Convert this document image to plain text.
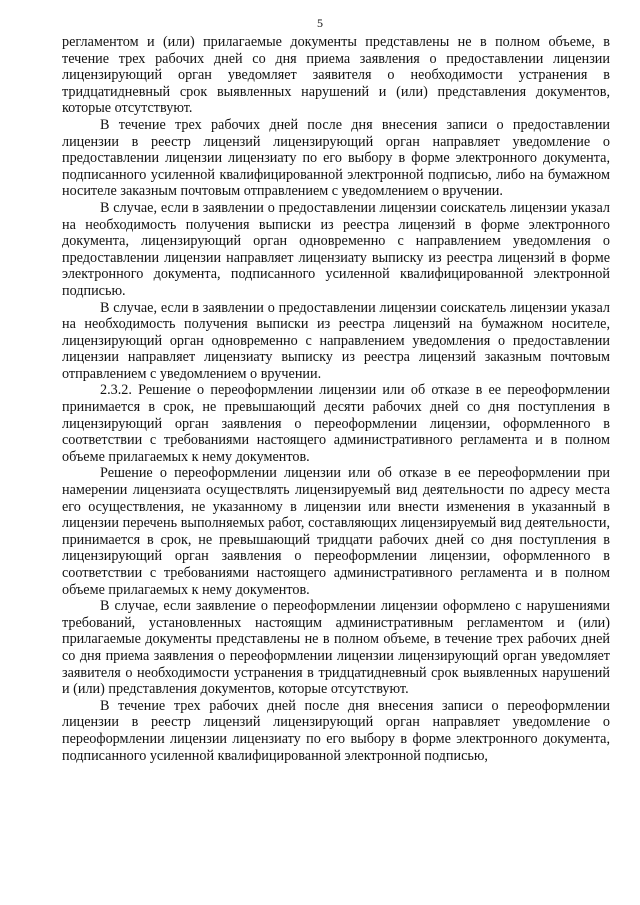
5

регламентом и (или) прилагаемые документы представлены не в полном объеме, в течение трех рабочих дней со дня приема заявления о предоставлении лицензии лицензирующий орган уведомляет заявителя о необходимости устранения в тридцатидневный срок выявленных нарушений и (или) представления документов, которые отсутствуют.

В течение трех рабочих дней после дня внесения записи о предоставлении лицензии в реестр лицензий лицензирующий орган направляет уведомление о предоставлении лицензии лицензиату по его выбору в форме электронного документа, подписанного усиленной квалифицированной электронной подписью, либо на бумажном носителе заказным почтовым отправлением с уведомлением о вручении.

В случае, если в заявлении о предоставлении лицензии соискатель лицензии указал на необходимость получения выписки из реестра лицензий в форме электронного документа, лицензирующий орган одновременно с направлением уведомления о предоставлении лицензии направляет лицензиату выписку из реестра лицензий в форме электронного документа, подписанного усиленной квалифицированной электронной подписью.

В случае, если в заявлении о предоставлении лицензии соискатель лицензии указал на необходимость получения выписки из реестра лицензий на бумажном носителе, лицензирующий орган одновременно с направлением уведомления о предоставлении лицензии направляет лицензиату выписку из реестра лицензий заказным почтовым отправлением с уведомлением о вручении.

2.3.2. Решение о переоформлении лицензии или об отказе в ее переоформлении принимается в срок, не превышающий десяти рабочих дней со дня поступления в лицензирующий орган заявления о переоформлении лицензии, оформленного в соответствии с требованиями настоящего административного регламента и в полном объеме прилагаемых к нему документов.

Решение о переоформлении лицензии или об отказе в ее переоформлении при намерении лицензиата осуществлять лицензируемый вид деятельности по адресу места его осуществления, не указанному в лицензии или внести изменения в указанный в лицензии перечень выполняемых работ, составляющих лицензируемый вид деятельности, принимается в срок, не превышающий тридцати рабочих дней со дня поступления в лицензирующий орган заявления о переоформлении лицензии, оформленного в соответствии с требованиями настоящего административного регламента и в полном объеме прилагаемых к нему документов.

В случае, если заявление о переоформлении лицензии оформлено с нарушениями требований, установленных настоящим административным регламентом и (или) прилагаемые документы представлены не в полном объеме, в течение трех рабочих дней со дня приема заявления о переоформлении лицензии лицензирующий орган уведомляет заявителя о необходимости устранения в тридцатидневный срок выявленных нарушений и (или) представления документов, которые отсутствуют.

В течение трех рабочих дней после дня внесения записи о переоформлении лицензии в реестр лицензий лицензирующий орган направляет уведомление о переоформлении лицензии лицензиату по его выбору в форме электронного документа, подписанного усиленной квалифицированной электронной подписью,
